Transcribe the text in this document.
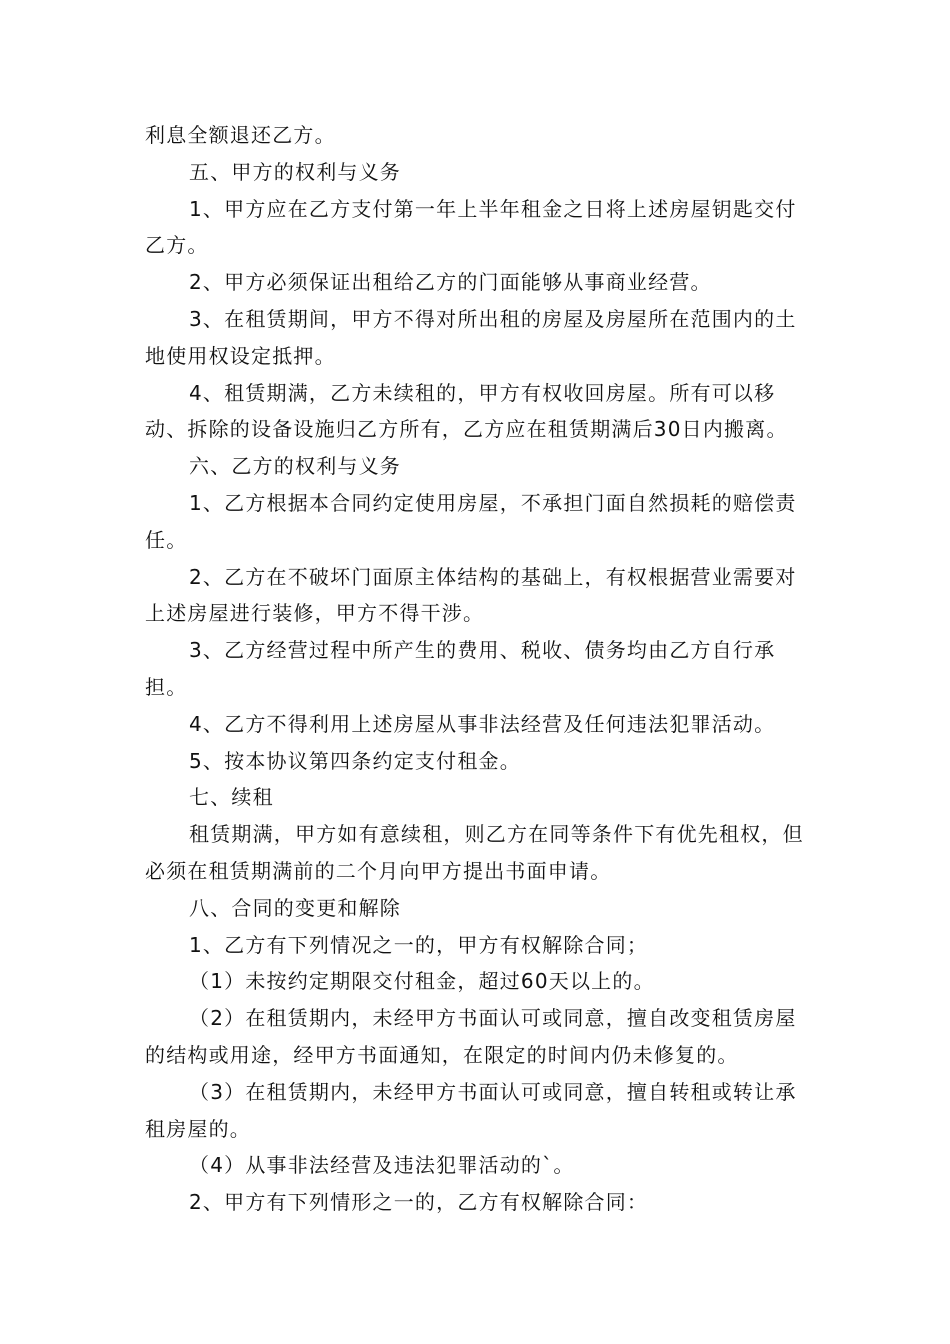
利息全额退还乙方。

五、甲方的权利与义务

1、甲方应在乙方支付第一年上半年租金之日将上述房屋钥匙交付乙方。

2、甲方必须保证出租给乙方的门面能够从事商业经营。

3、在租赁期间，甲方不得对所出租的房屋及房屋所在范围内的土地使用权设定抵押。

4、租赁期满，乙方未续租的，甲方有权收回房屋。所有可以移动、拆除的设备设施归乙方所有，乙方应在租赁期满后30日内搬离。

六、乙方的权利与义务

1、乙方根据本合同约定使用房屋，不承担门面自然损耗的赔偿责任。

2、乙方在不破坏门面原主体结构的基础上，有权根据营业需要对上述房屋进行装修，甲方不得干涉。

3、乙方经营过程中所产生的费用、税收、债务均由乙方自行承担。

4、乙方不得利用上述房屋从事非法经营及任何违法犯罪活动。

5、按本协议第四条约定支付租金。

七、续租

租赁期满，甲方如有意续租，则乙方在同等条件下有优先租权，但必须在租赁期满前的二个月向甲方提出书面申请。

八、合同的变更和解除

1、乙方有下列情况之一的，甲方有权解除合同；

（1）未按约定期限交付租金，超过60天以上的。

（2）在租赁期内，未经甲方书面认可或同意，擅自改变租赁房屋的结构或用途，经甲方书面通知，在限定的时间内仍未修复的。

（3）在租赁期内，未经甲方书面认可或同意，擅自转租或转让承租房屋的。

（4）从事非法经营及违法犯罪活动的`。

2、甲方有下列情形之一的，乙方有权解除合同：
